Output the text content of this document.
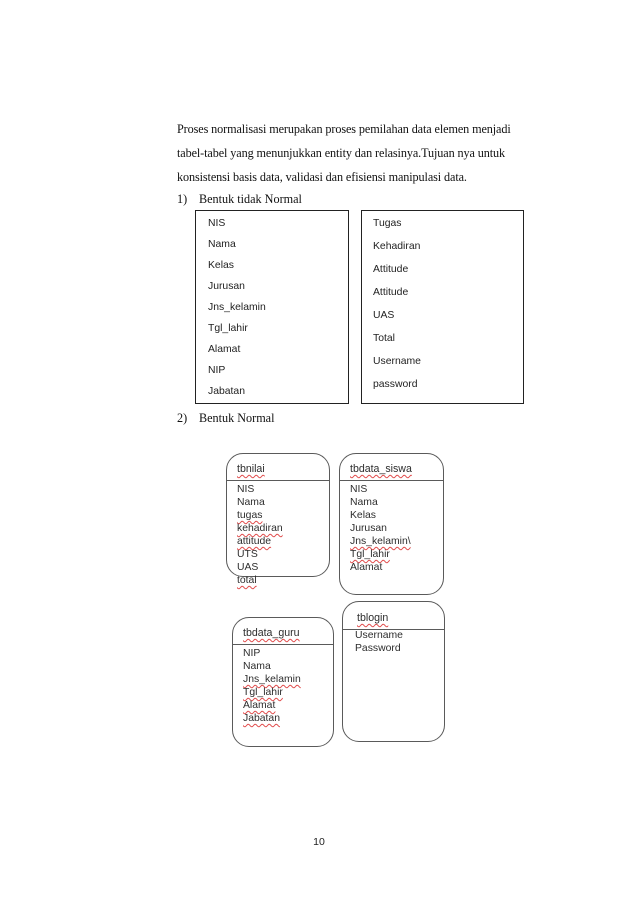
Proses normalisasi merupakan proses pemilahan data elemen menjadi
tabel-tabel yang menunjukkan entity dan relasinya.Tujuan nya untuk
konsistensi basis data, validasi dan efisiensi manipulasi data.
1) Bentuk tidak Normal
NIS
Nama
Kelas
Jurusan
Jns_kelamin
Tgl_lahir
Alamat
NIP
Jabatan
Tugas
Kehadiran
Attitude
Attitude
UAS
Total
Username
password
2) Bentuk Normal
tbnilai
NIS
Nama
tugas
kehadiran
attitude
UTS
UAS
total
tbdata_siswa
NIS
Nama
Kelas
Jurusan
Jns_kelamin\
Tgl_lahir
Alamat
tbdata_guru
NIP
Nama
Jns_kelamin
Tgl_lahir
Alamat
Jabatan
tblogin
Username
Password
10
